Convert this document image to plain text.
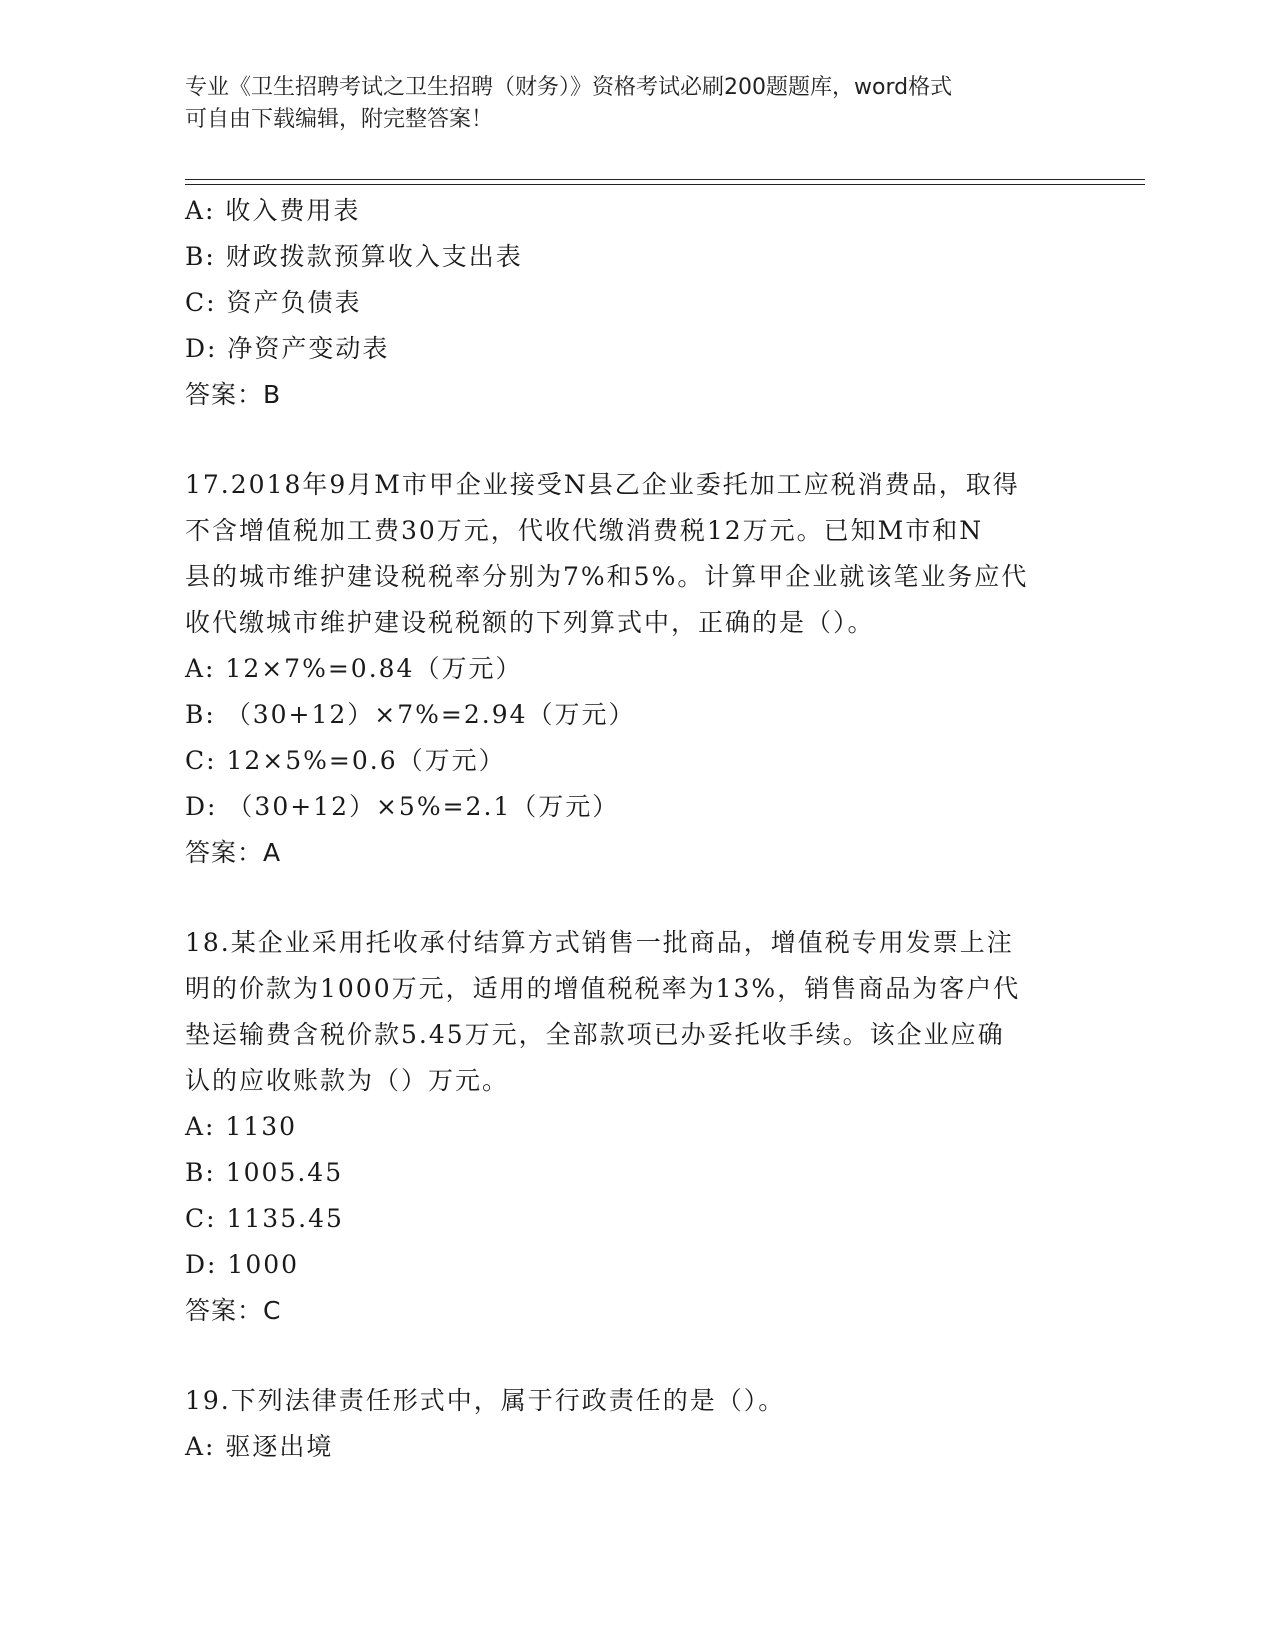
专业《卫生招聘考试之卫生招聘（财务）》资格考试必刷200题题库，word格式
可自由下载编辑，附完整答案！
A: 收入费用表
B: 财政拨款预算收入支出表
C: 资产负债表
D: 净资产变动表
答案：B
17.2018年9月M市甲企业接受N县乙企业委托加工应税消费品，取得
不含增值税加工费30万元，代收代缴消费税12万元。已知M市和N
县的城市维护建设税税率分别为7%和5%。计算甲企业就该笔业务应代
收代缴城市维护建设税税额的下列算式中，正确的是（）。
A: 12×7%=0.84（万元）
B: （30+12）×7%=2.94（万元）
C: 12×5%=0.6（万元）
D: （30+12）×5%=2.1（万元）
答案：A
18.某企业采用托收承付结算方式销售一批商品，增值税专用发票上注
明的价款为1000万元，适用的增值税税率为13%，销售商品为客户代
垫运输费含税价款5.45万元，全部款项已办妥托收手续。该企业应确
认的应收账款为（）万元。
A: 1130
B: 1005.45
C: 1135.45
D: 1000
答案：C
19.下列法律责任形式中，属于行政责任的是（）。
A: 驱逐出境
